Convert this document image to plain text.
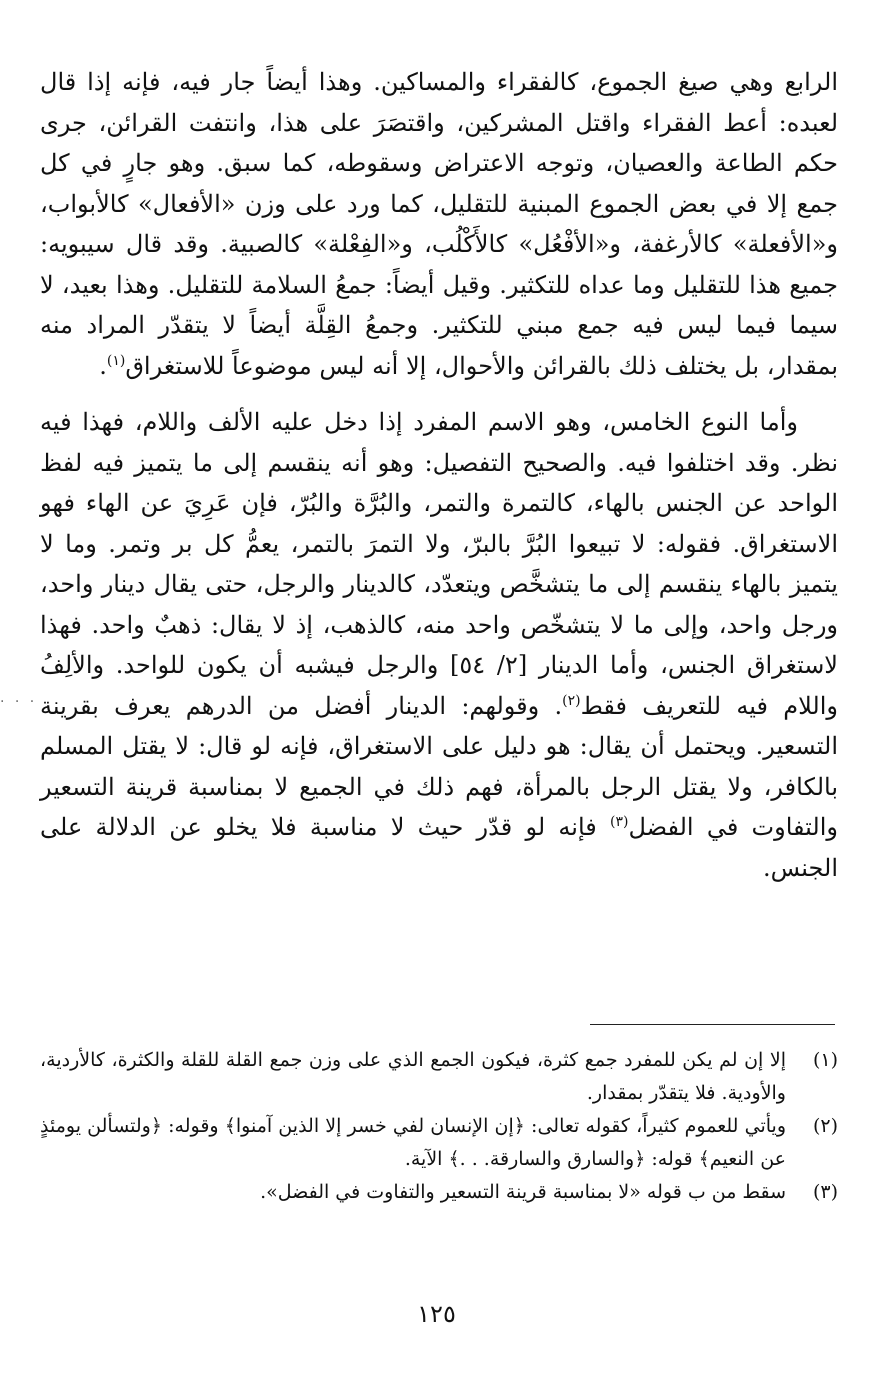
. . .

الرابع وهي صيغ الجموع، كالفقراء والمساكين. وهذا أيضاً جار فيه، فإنه إذا قال لعبده: أعط الفقراء واقتل المشركين، واقتصَرَ على هذا، وانتفت القرائن، جرى حكم الطاعة والعصيان، وتوجه الاعتراض وسقوطه، كما سبق. وهو جارٍ في كل جمع إلا في بعض الجموع المبنية للتقليل، كما ورد على وزن «الأفعال» كالأبواب، و«الأفعلة» كالأرغفة، و«الأفْعُل» كالأَكْلُب، و«الفِعْلة» كالصبية. وقد قال سيبويه: جميع هذا للتقليل وما عداه للتكثير. وقيل أيضاً: جمعُ السلامة للتقليل. وهذا بعيد، لا سيما فيما ليس فيه جمع مبني للتكثير. وجمعُ القِلَّة أيضاً لا يتقدّر المراد منه بمقدار، بل يختلف ذلك بالقرائن والأحوال، إلا أنه ليس موضوعاً للاستغراق$^{(١)}$.

وأما النوع الخامس، وهو الاسم المفرد إذا دخل عليه الألف واللام، فهذا فيه نظر. وقد اختلفوا فيه. والصحيح التفصيل: وهو أنه ينقسم إلى ما يتميز فيه لفظ الواحد عن الجنس بالهاء، كالتمرة والتمر، والبُرَّة والبُرّ، فإن عَرِيَ عن الهاء فهو الاستغراق. فقوله: لا تبيعوا البُرَّ بالبرّ، ولا التمرَ بالتمر، يعمُّ كل بر وتمر. وما لا يتميز بالهاء ينقسم إلى ما يتشخَّص ويتعدّد، كالدينار والرجل، حتى يقال دينار واحد، ورجل واحد، وإلى ما لا يتشخّص واحد منه، كالذهب، إذ لا يقال: ذهبٌ واحد. فهذا لاستغراق الجنس، وأما الدينار [٢/ ٥٤] والرجل فيشبه أن يكون للواحد. والألِفُ واللام فيه للتعريف فقط$^{(٢)}$. وقولهم: الدينار أفضل من الدرهم يعرف بقرينة التسعير. ويحتمل أن يقال: هو دليل على الاستغراق، فإنه لو قال: لا يقتل المسلم بالكافر، ولا يقتل الرجل بالمرأة، فهم ذلك في الجميع لا بمناسبة قرينة التسعير والتفاوت في الفضل$^{(٣)}$ فإنه لو قدّر حيث لا مناسبة فلا يخلو عن الدلالة على الجنس.

(١)
إلا إن لم يكن للمفرد جمع كثرة، فيكون الجمع الذي على وزن جمع القلة للقلة والكثرة، كالأردية، والأودية. فلا يتقدّر بمقدار.
(٢)
ويأتي للعموم كثيراً، كقوله تعالى: ﴿إن الإنسان لفي خسر إلا الذين آمنوا﴾ وقوله: ﴿ولتسألن يومئذٍ عن النعيم﴾ قوله: ﴿والسارق والسارقة. . .﴾ الآية.
(٣)
سقط من ب قوله «لا بمناسبة قرينة التسعير والتفاوت في الفضل».
١٢٥
